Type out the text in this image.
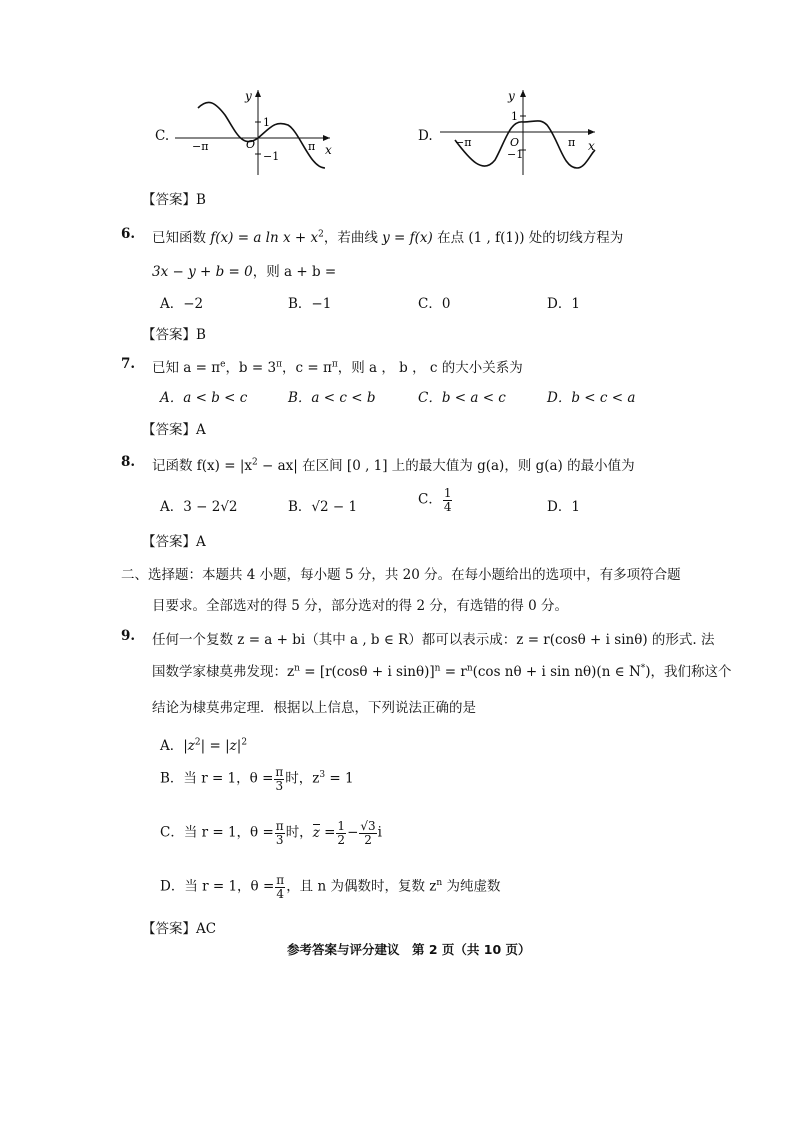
C.
y
x
1
−1
−π	π
O
D.
y
x
1
−1
−π	π
O
【答案】B
6. 已知函数 f(x) = a $\ln x + x^2$，若曲线 y = f(x) 在点 (1 , f(1)) 处的切线方程为
3x − y + b = 0，则 a + b =
A．−2	B．−1	C．0	D．1
【答案】B
7. 已知 $a = \pi^e$，$b = 3^\pi$，$c = \pi^\pi$，则 a ， b ， c 的大小关系为
A．a < b < c	B．a < c < b	C．b < a < c	D．b < c < a
【答案】A
8. 记函数 $f(x) = |x^2 - ax|$ 在区间 [0 , 1] 上的最大值为 g(a)，则 g(a) 的最小值为
A．3 − 2√2	B．√2 − 1	C． $\frac{1}{4}$	D．1
【答案】A
二、选择题：本题共 4 小题，每小题 5 分，共 20 分。在每小题给出的选项中，有多项符合题
目要求。全部选对的得 5 分，部分选对的得 2 分，有选错的得 0 分。
9. 任何一个复数 z = a + bi（其中 a , b ∈ R）都可以表示成：z = r(cosθ + i sinθ) 的形式. 法
国数学家棣莫弗发现：$z^n = [r(\cos\theta + i$ $\sin\theta)]^n = r^n(\cos$ nθ + i sin nθ)(n ∈ N*)，我们称这个
结论为棣莫弗定理．根据以上信息，下列说法正确的是
A．$|z^2| = |z|^2$
B．当 r = 1，$\theta = \frac{\pi}{3}$ 时，$z^3 = 1$
C．当 r = 1，$\theta = \frac{\pi}{3}$ 时，$z = \frac{1}{2} - \frac{√3}{2}$ i
D．当 r = 1，$\theta = \frac{\pi}{4}$ ，且 n 为偶数时，复数 $z^n$ 为纯虚数
【答案】AC
参考答案与评分建议　第 2 页（共 10 页）
